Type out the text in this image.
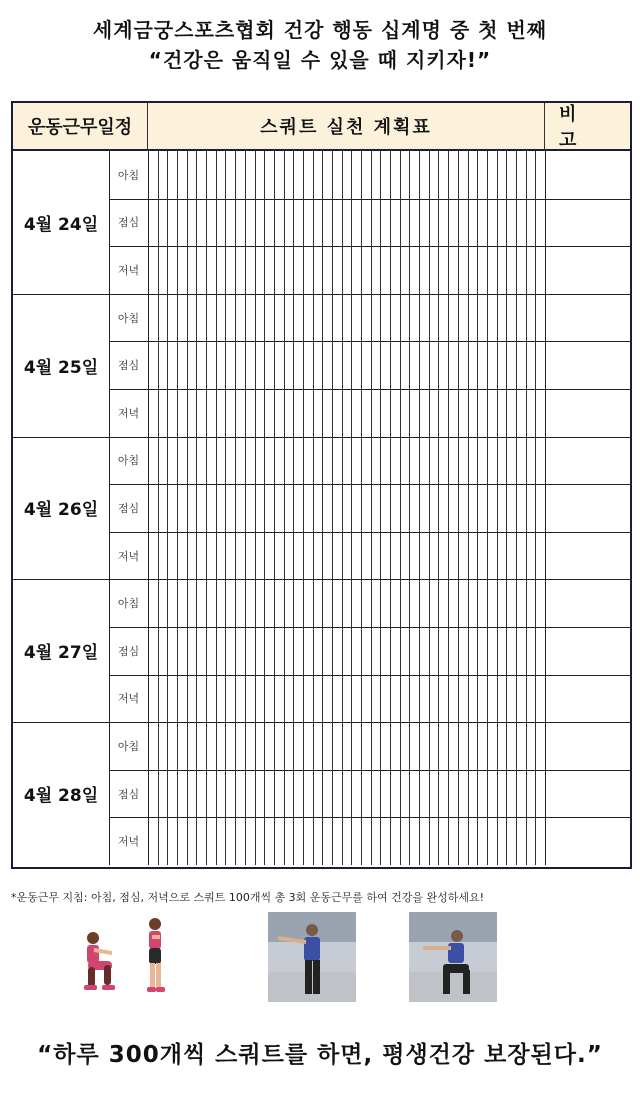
세계금궁스포츠협회 건강 행동 십계명 중 첫 번째
“건강은 움직일 수 있을 때 지키자!”
운동근무일정	스쿼트 실천 계획표
비 고
4월 24일
아침
점심
저녁
4월 25일
아침
점심
저녁
4월 26일
아침
점심
저녁
4월 27일
아침
점심
저녁
4월 28일
아침
점심
저녁
*운동근무 지침: 아침, 점심, 저녁으로 스쿼트 100개씩 총 3회 운동근무를 하여 건강을 완성하세요!
“하루 300개씩 스쿼트를 하면, 평생건강 보장된다.”
